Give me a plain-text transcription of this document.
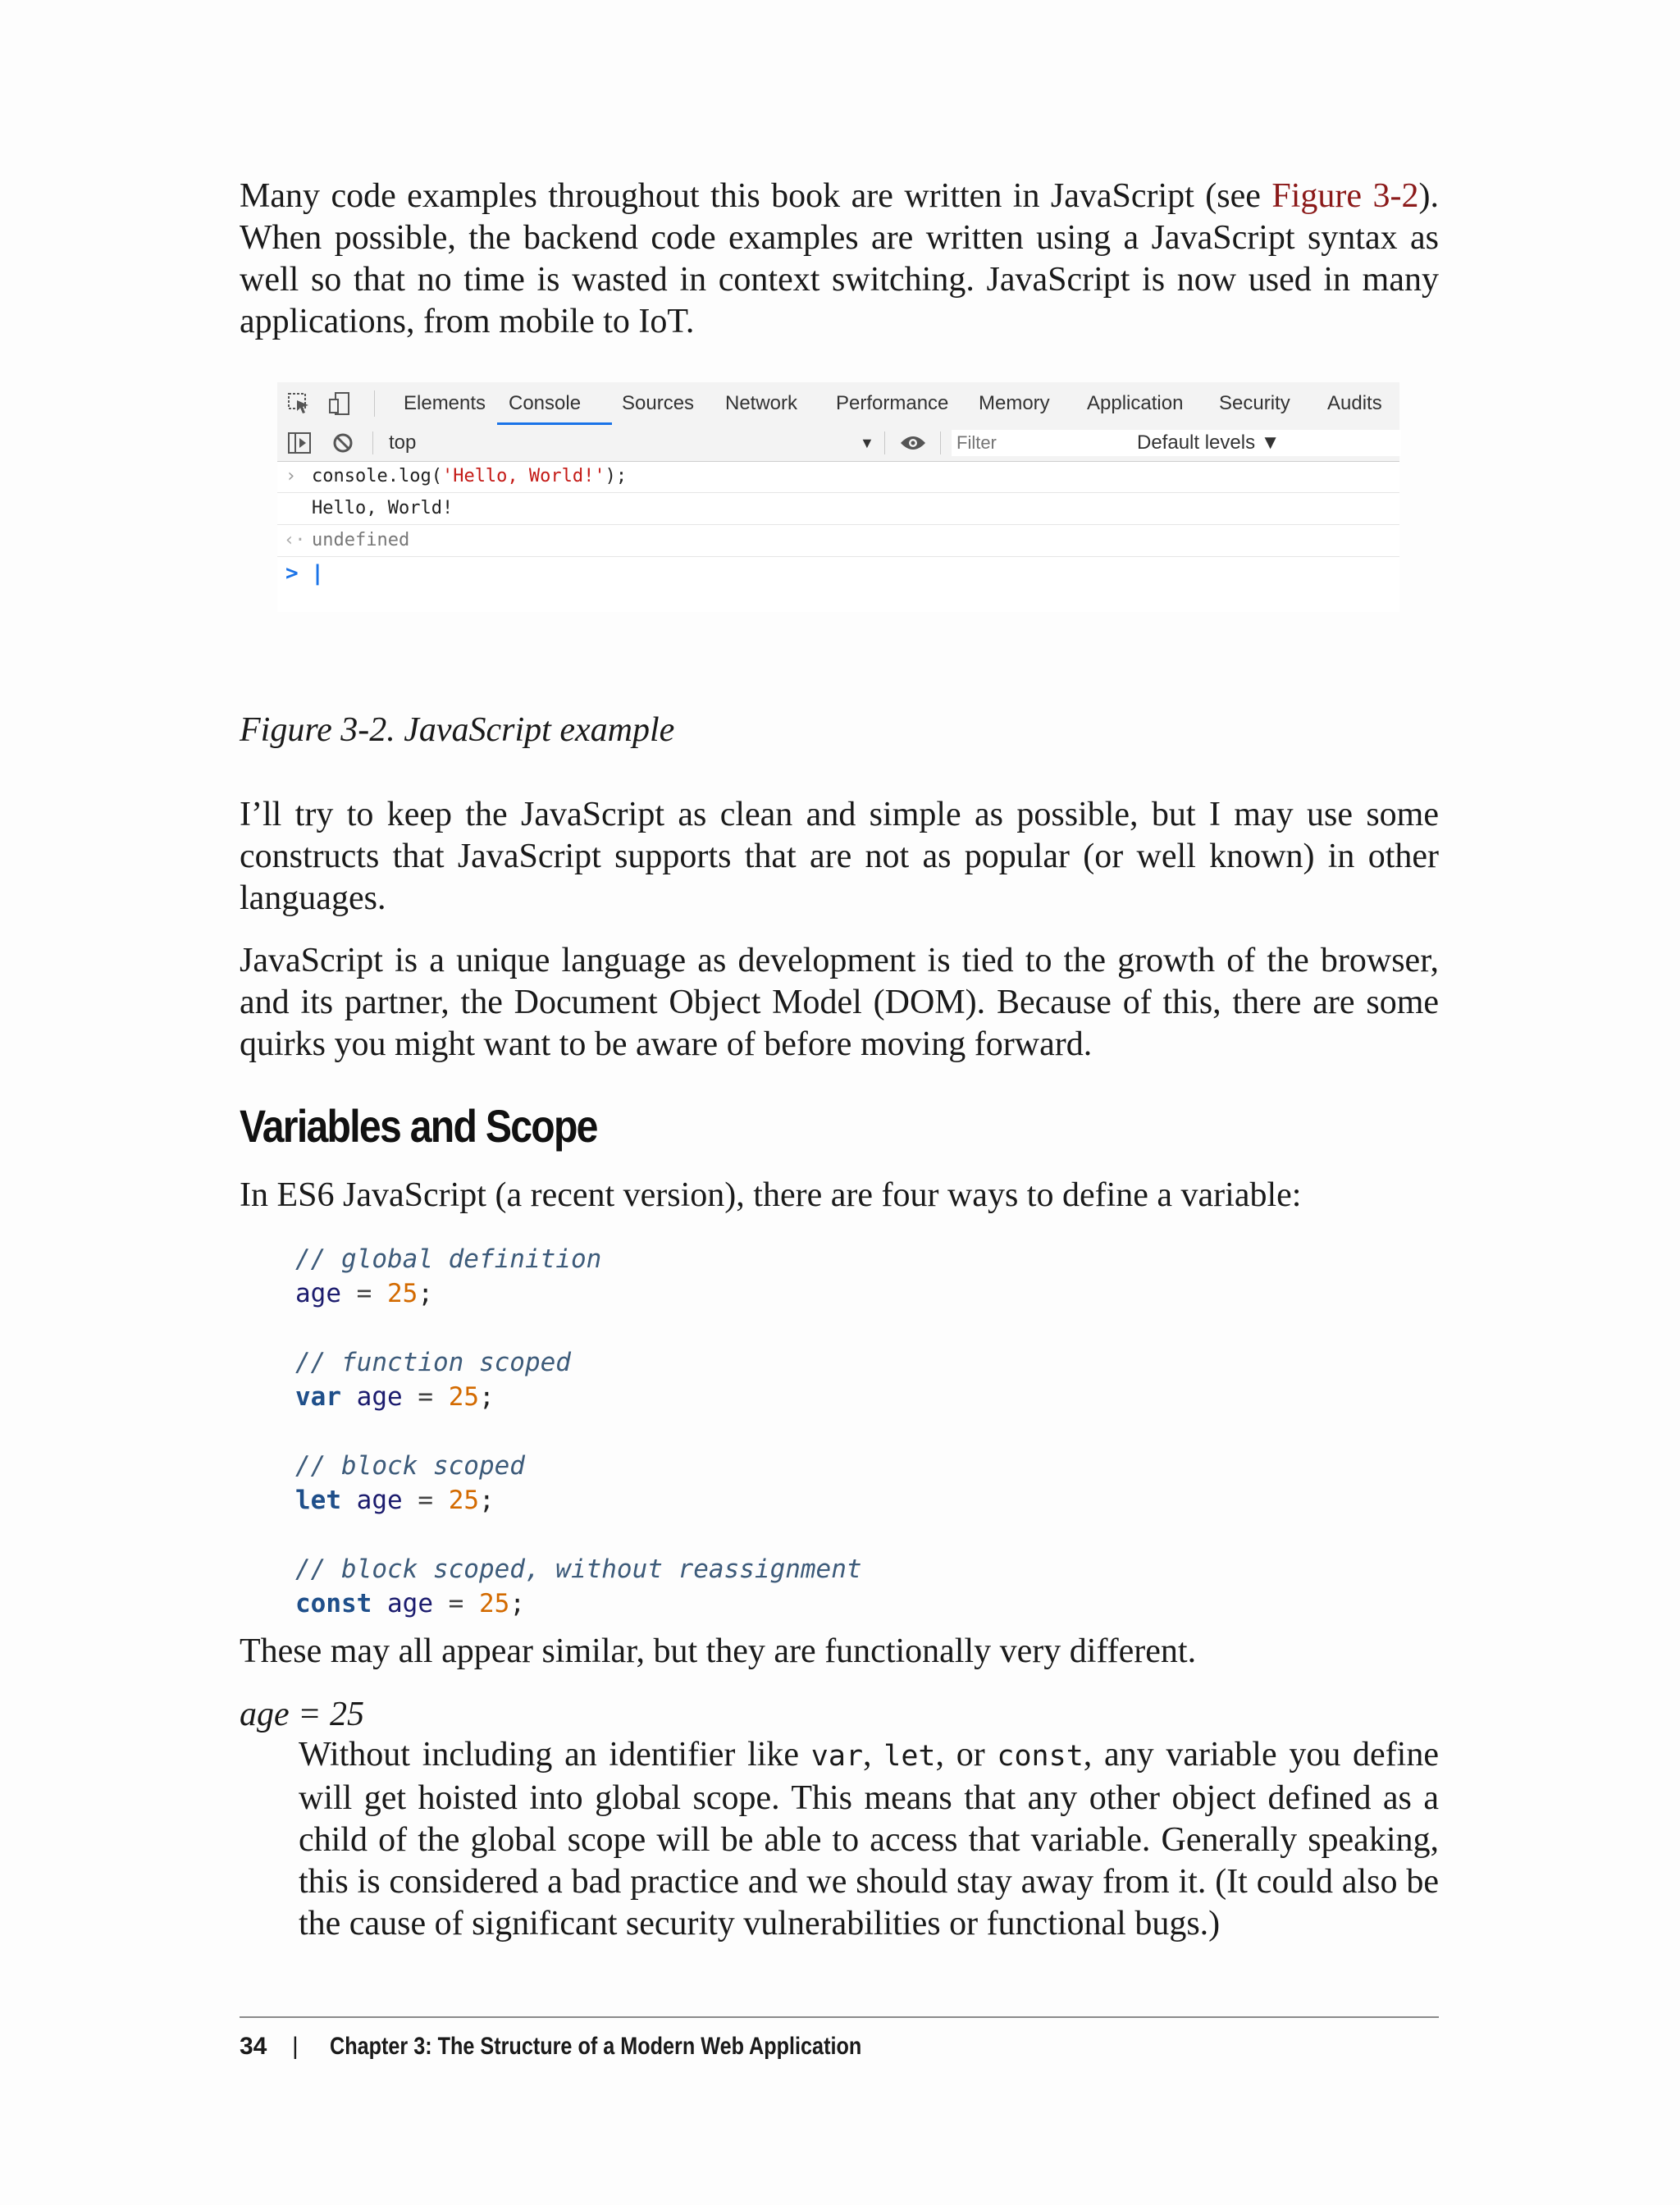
Many code examples throughout this book are written in JavaScript (see Figure 3-2). When possible, the backend code examples are written using a JavaScript syntax as well so that no time is wasted in context switching. JavaScript is now used in many applications, from mobile to IoT.

Elements	Console	Sources Network Performance Memory Application Security Audits
top	▼
Filter	Default levels ▼
› console.log('Hello, World!');
Hello, World!
‹· undefined
> |
Figure 3-2. JavaScript example

I’ll try to keep the JavaScript as clean and simple as possible, but I may use some constructs that JavaScript supports that are not as popular (or well known) in other languages.

JavaScript is a unique language as development is tied to the growth of the browser, and its partner, the Document Object Model (DOM). Because of this, there are some quirks you might want to be aware of before moving forward.

Variables and Scope

In ES6 JavaScript (a recent version), there are four ways to define a variable:

// global definition
age = 25;

// function scoped
var age = 25;

// block scoped
let age = 25;

// block scoped, without reassignment
const age = 25;

These may all appear similar, but they are functionally very different.

age = 25

Without including an identifier like var, let, or const, any variable you define will get hoisted into global scope. This means that any other object defined as a child of the global scope will be able to access that variable. Generally speaking, this is considered a bad practice and we should stay away from it. (It could also be the cause of significant security vulnerabilities or functional bugs.)

34 | Chapter 3: The Structure of a Modern Web Application
